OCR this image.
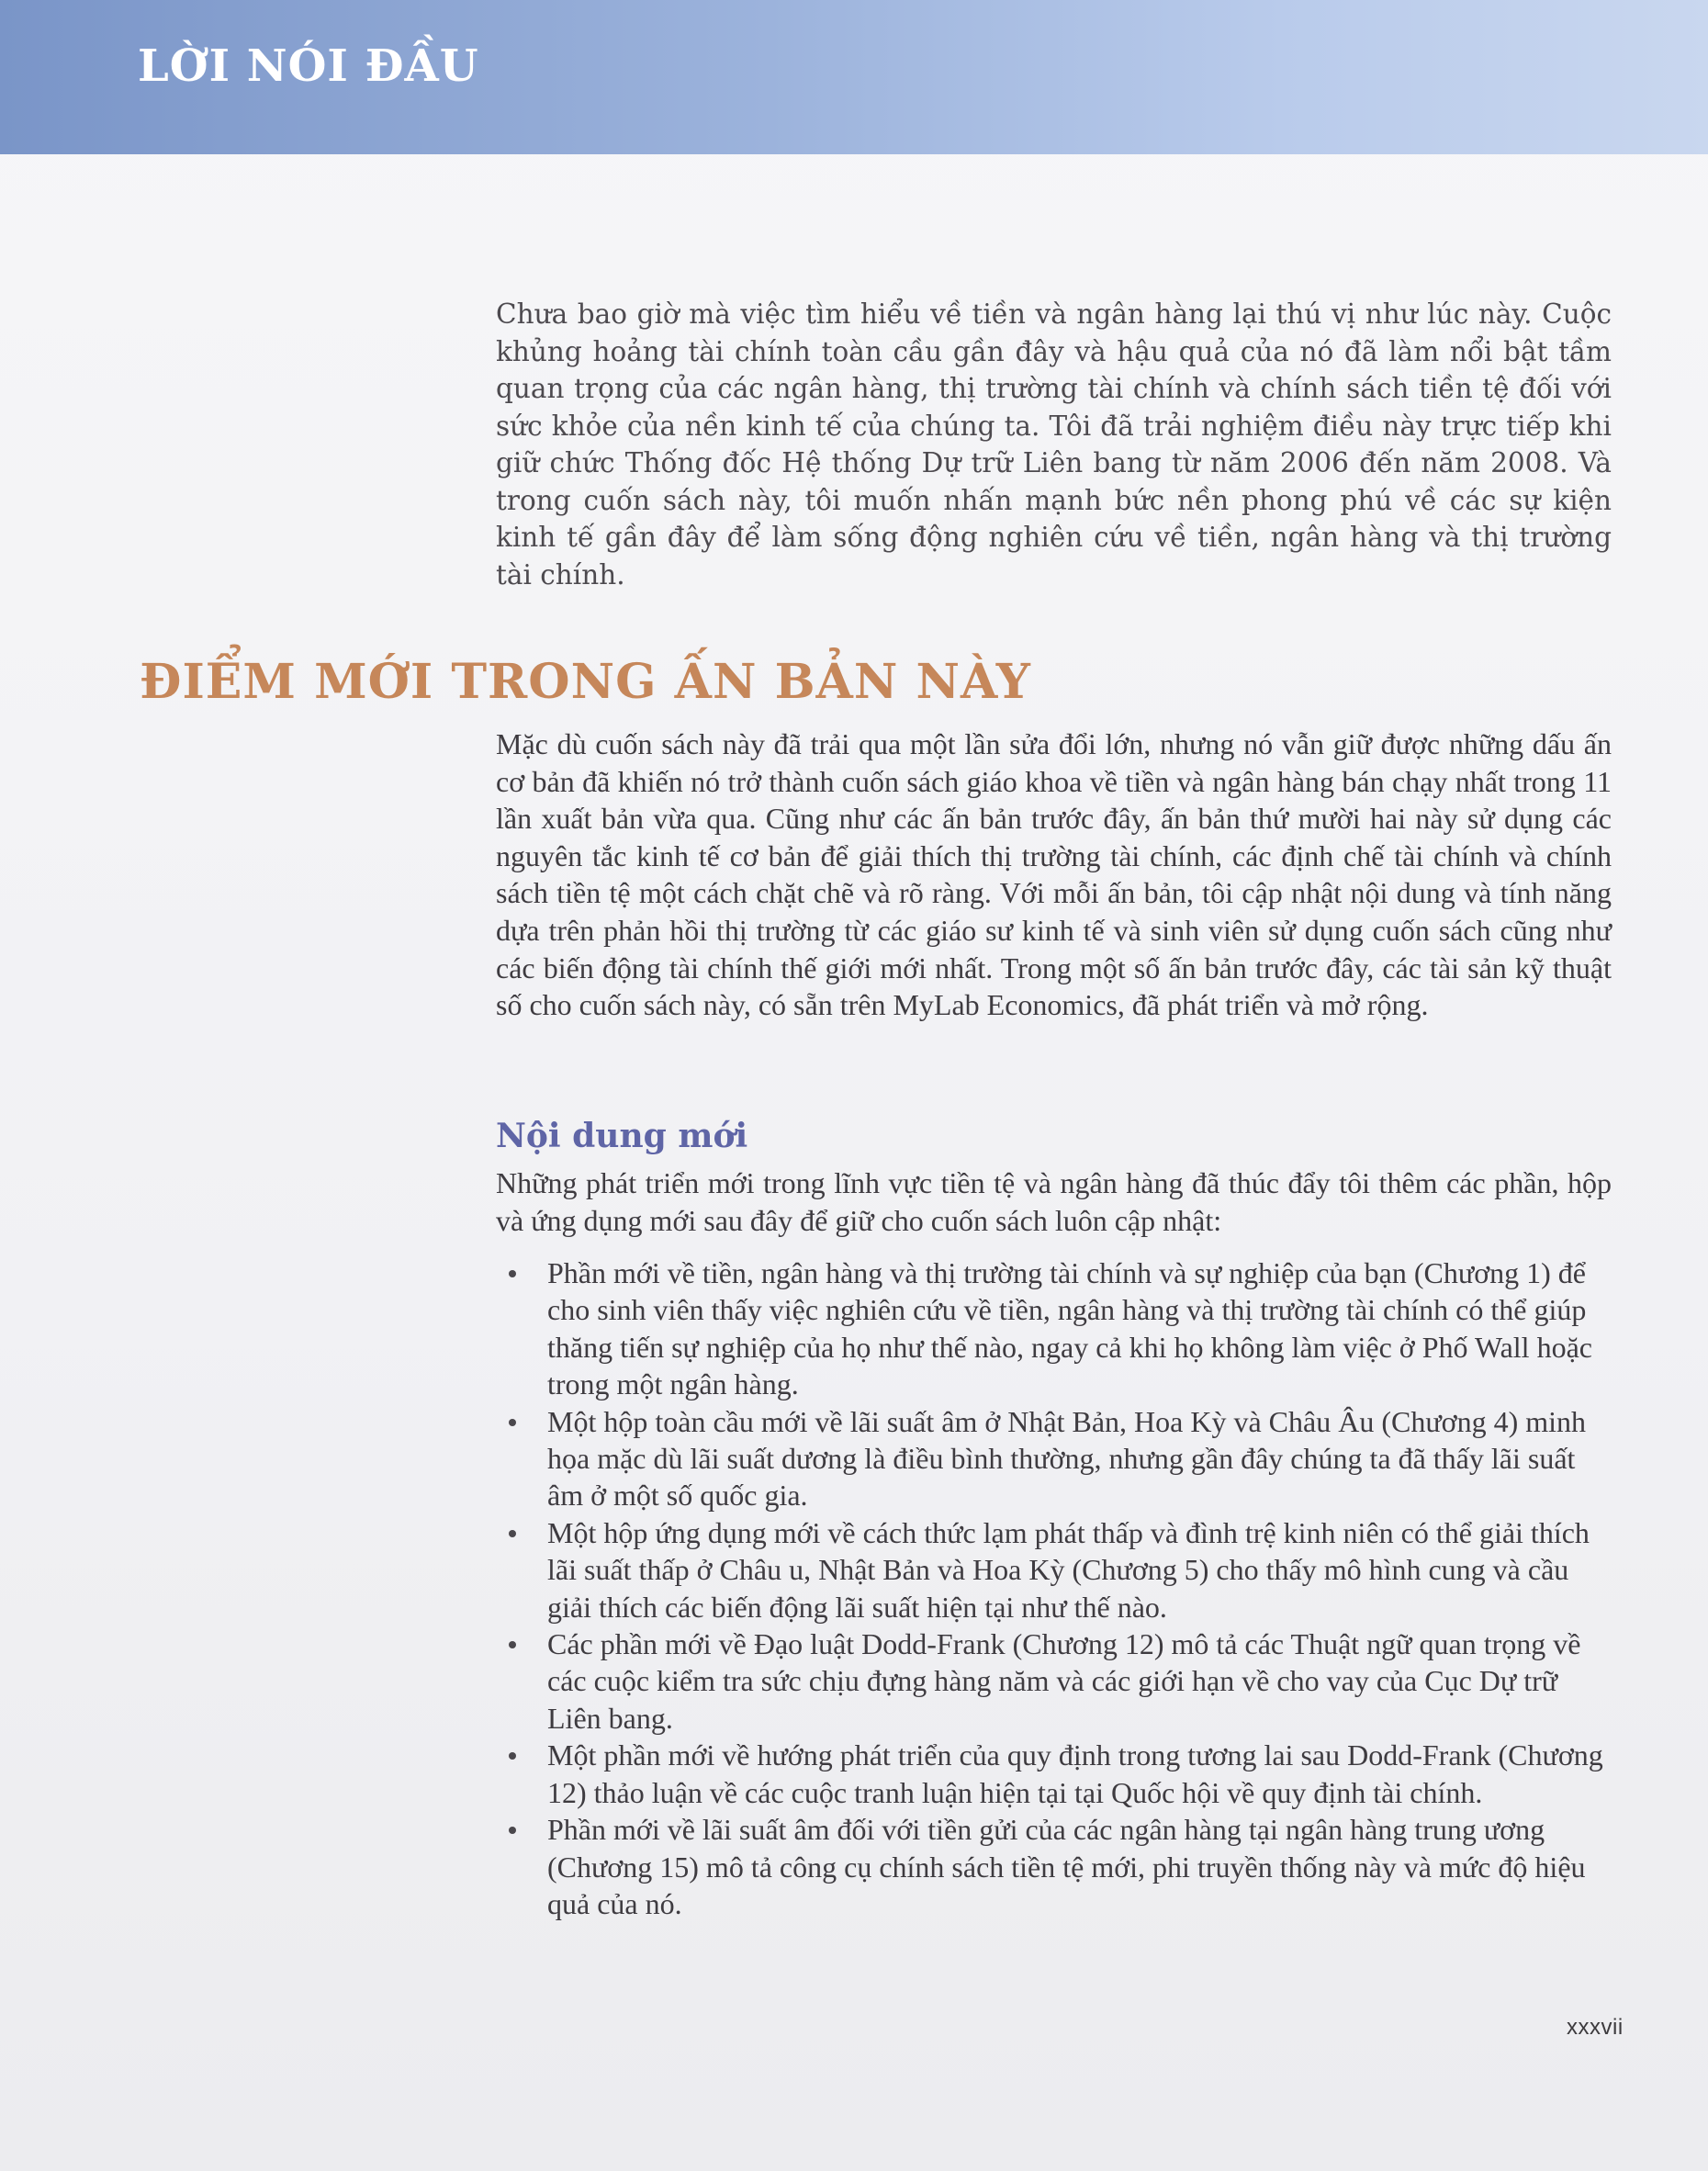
LỜI NÓI ĐẦU

Chưa bao giờ mà việc tìm hiểu về tiền và ngân hàng lại thú vị như lúc này. Cuộc khủng hoảng tài chính toàn cầu gần đây và hậu quả của nó đã làm nổi bật tầm quan trọng của các ngân hàng, thị trường tài chính và chính sách tiền tệ đối với sức khỏe của nền kinh tế của chúng ta. Tôi đã trải nghiệm điều này trực tiếp khi giữ chức Thống đốc Hệ thống Dự trữ Liên bang từ năm 2006 đến năm 2008. Và trong cuốn sách này, tôi muốn nhấn mạnh bức nền phong phú về các sự kiện kinh tế gần đây để làm sống động nghiên cứu về tiền, ngân hàng và thị trường tài chính.

ĐIỂM MỚI TRONG ẤN BẢN NÀY

Mặc dù cuốn sách này đã trải qua một lần sửa đổi lớn, nhưng nó vẫn giữ được những dấu ấn cơ bản đã khiến nó trở thành cuốn sách giáo khoa về tiền và ngân hàng bán chạy nhất trong 11 lần xuất bản vừa qua. Cũng như các ấn bản trước đây, ấn bản thứ mười hai này sử dụng các nguyên tắc kinh tế cơ bản để giải thích thị trường tài chính, các định chế tài chính và chính sách tiền tệ một cách chặt chẽ và rõ ràng. Với mỗi ấn bản, tôi cập nhật nội dung và tính năng dựa trên phản hồi thị trường từ các giáo sư kinh tế và sinh viên sử dụng cuốn sách cũng như các biến động tài chính thế giới mới nhất. Trong một số ấn bản trước đây, các tài sản kỹ thuật số cho cuốn sách này, có sẵn trên MyLab Economics, đã phát triển và mở rộng.

Nội dung mới

Những phát triển mới trong lĩnh vực tiền tệ và ngân hàng đã thúc đẩy tôi thêm các phần, hộp và ứng dụng mới sau đây để giữ cho cuốn sách luôn cập nhật:

Phần mới về tiền, ngân hàng và thị trường tài chính và sự nghiệp của bạn (Chương 1) để cho sinh viên thấy việc nghiên cứu về tiền, ngân hàng và thị trường tài chính có thể giúp thăng tiến sự nghiệp của họ như thế nào, ngay cả khi họ không làm việc ở Phố Wall hoặc trong một ngân hàng.
Một hộp toàn cầu mới về lãi suất âm ở Nhật Bản, Hoa Kỳ và Châu Âu (Chương 4) minh họa mặc dù lãi suất dương là điều bình thường, nhưng gần đây chúng ta đã thấy lãi suất âm ở một số quốc gia.
Một hộp ứng dụng mới về cách thức lạm phát thấp và đình trệ kinh niên có thể giải thích lãi suất thấp ở Châu u, Nhật Bản và Hoa Kỳ (Chương 5) cho thấy mô hình cung và cầu giải thích các biến động lãi suất hiện tại như thế nào.
Các phần mới về Đạo luật Dodd-Frank (Chương 12) mô tả các Thuật ngữ quan trọng về các cuộc kiểm tra sức chịu đựng hàng năm và các giới hạn về cho vay của Cục Dự trữ Liên bang.
Một phần mới về hướng phát triển của quy định trong tương lai sau Dodd-Frank (Chương 12) thảo luận về các cuộc tranh luận hiện tại tại Quốc hội về quy định tài chính.
Phần mới về lãi suất âm đối với tiền gửi của các ngân hàng tại ngân hàng trung ương (Chương 15) mô tả công cụ chính sách tiền tệ mới, phi truyền thống này và mức độ hiệu quả của nó.
xxxvii
